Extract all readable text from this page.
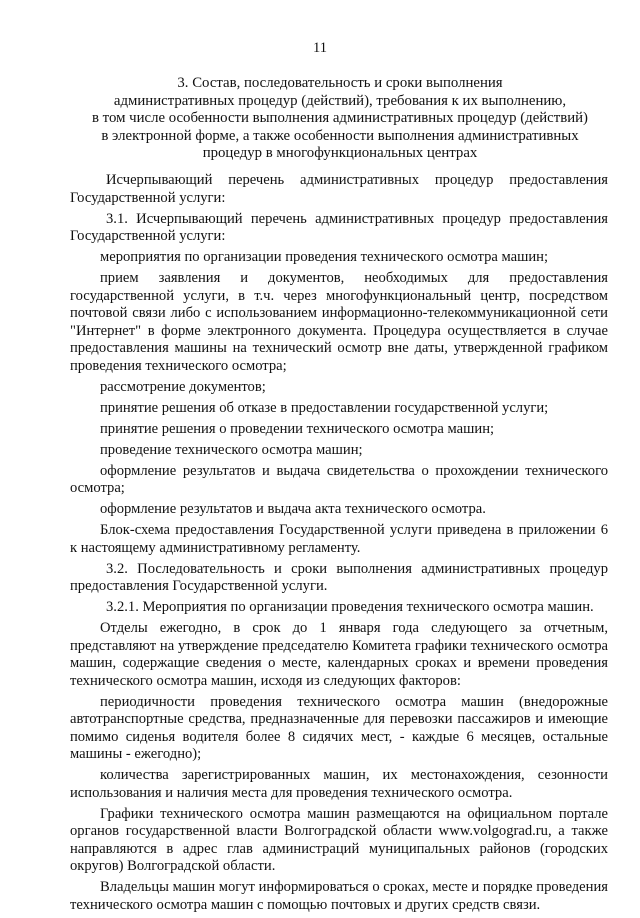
11
3. Состав, последовательность и сроки выполнения
административных процедур (действий), требования к их выполнению,
в том числе особенности выполнения административных процедур (действий)
в электронной форме, а также особенности выполнения административных
процедур в многофункциональных центрах

Исчерпывающий перечень административных процедур предоставления Государственной услуги:

3.1. Исчерпывающий перечень административных процедур предоставления Государственной услуги:

мероприятия по организации проведения технического осмотра машин;

прием заявления и документов, необходимых для предоставления государственной услуги, в т.ч. через многофункциональный центр, посредством почтовой связи либо с использованием информационно-телекоммуникационной сети "Интернет" в форме электронного документа. Процедура осуществляется в случае предоставления машины на технический осмотр вне даты, утвержденной графиком проведения технического осмотра;

рассмотрение документов;

принятие решения об отказе в предоставлении государственной услуги;

принятие решения о проведении технического осмотра машин;

проведение технического осмотра машин;

оформление результатов и выдача свидетельства о прохождении технического осмотра;

оформление результатов и выдача акта технического осмотра.

Блок-схема предоставления Государственной услуги приведена в приложении 6 к настоящему административному регламенту.

3.2. Последовательность и сроки выполнения административных процедур предоставления Государственной услуги.

3.2.1. Мероприятия по организации проведения технического осмотра машин.

Отделы ежегодно, в срок до 1 января года следующего за отчетным, представляют на утверждение председателю Комитета графики технического осмотра машин, содержащие сведения о месте, календарных сроках и времени проведения технического осмотра машин, исходя из следующих факторов:

периодичности проведения технического осмотра машин (внедорожные автотранспортные средства, предназначенные для перевозки пассажиров и имеющие помимо сиденья водителя более 8 сидячих мест, - каждые 6 месяцев, остальные машины - ежегодно);

количества зарегистрированных машин, их местонахождения, сезонности использования и наличия места для проведения технического осмотра.

Графики технического осмотра машин размещаются на официальном портале органов государственной власти Волгоградской области www.volgograd.ru, а также направляются в адрес глав администраций муниципальных районов (городских округов) Волгоградской области.

Владельцы машин могут информироваться о сроках, месте и порядке проведения технического осмотра машин с помощью почтовых и других средств связи.
